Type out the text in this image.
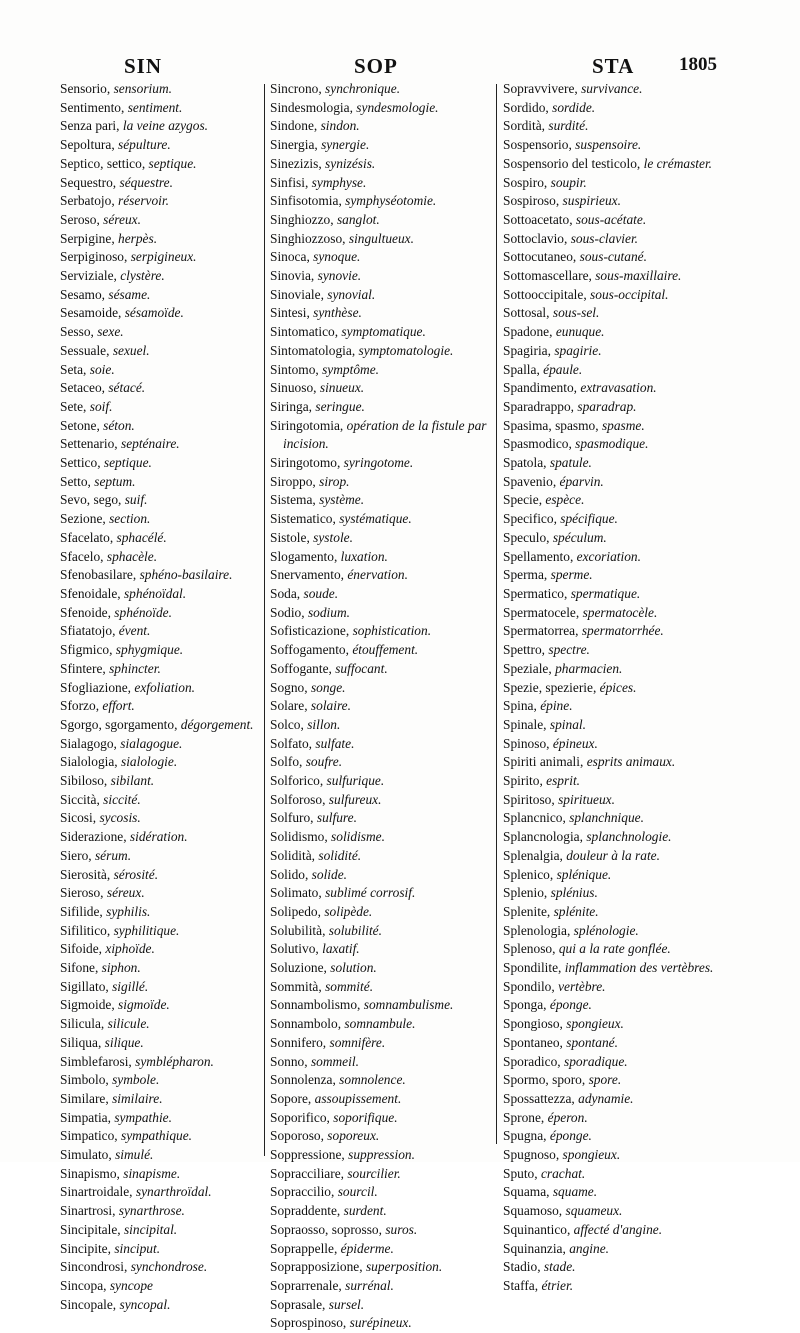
SIN	SOP	STA 1805
Sensorio, sensorium.
Sentimento, sentiment.
Senza pari, la veine azygos.
Sepoltura, sépulture.
Septico, settico, septique.
Sequestro, séquestre.
Serbatojo, réservoir.
Seroso, séreux.
Serpigine, herpès.
Serpiginoso, serpigineux.
Serviziale, clystère.
Sesamo, sésame.
Sesamoide, sésamoïde.
Sesso, sexe.
Sessuale, sexuel.
Seta, soie.
Setaceo, sétacé.
Sete, soif.
Setone, séton.
Settenario, septénaire.
Settico, septique.
Setto, septum.
Sevo, sego, suif.
Sezione, section.
Sfacelato, sphacélé.
Sfacelo, sphacèle.
Sfenobasilare, sphéno-basilaire.
Sfenoidale, sphénoïdal.
Sfenoide, sphénoïde.
Sfiatatojo, évent.
Sfigmico, sphygmique.
Sfintere, sphincter.
Sfogliazione, exfoliation.
Sforzo, effort.
Sgorgo, sgorgamento, dégorgement.
Sialagogo, sialagogue.
Sialologia, sialologie.
Sibiloso, sibilant.
Siccità, siccité.
Sicosi, sycosis.
Siderazione, sidération.
Siero, sérum.
Sierosità, sérosité.
Sieroso, séreux.
Sifilide, syphilis.
Sifilitico, syphilitique.
Sifoide, xiphoïde.
Sifone, siphon.
Sigillato, sigillé.
Sigmoide, sigmoïde.
Silicula, silicule.
Siliqua, silique.
Simblefarosi, symblépharon.
Simbolo, symbole.
Similare, similaire.
Simpatia, sympathie.
Simpatico, sympathique.
Simulato, simulé.
Sinapismo, sinapisme.
Sinartroidale, synarthroïdal.
Sinartrosi, synarthrose.
Sincipitale, sincipital.
Sincipite, sinciput.
Sincondrosi, synchondrose.
Sincopa, syncope
Sincopale, syncopal.
Sincrono, synchronique.
Sindesmologia, syndesmologie.
Sindone, sindon.
Sinergia, synergie.
Sinezizis, synizésis.
Sinfisi, symphyse.
Sinfisotomia, symphyséotomie.
Singhiozzo, sanglot.
Singhiozzoso, singultueux.
Sinoca, synoque.
Sinovia, synovie.
Sinoviale, synovial.
Sintesi, synthèse.
Sintomatico, symptomatique.
Sintomatologia, symptomatologie.
Sintomo, symptôme.
Sinuoso, sinueux.
Siringa, seringue.
Siringotomia, opération de la fistule par incision.
Siringotomo, syringotome.
Siroppo, sirop.
Sistema, système.
Sistematico, systématique.
Sistole, systole.
Slogamento, luxation.
Snervamento, énervation.
Soda, soude.
Sodio, sodium.
Sofisticazione, sophistication.
Soffogamento, étouffement.
Soffogante, suffocant.
Sogno, songe.
Solare, solaire.
Solco, sillon.
Solfato, sulfate.
Solfo, soufre.
Solforico, sulfurique.
Solforoso, sulfureux.
Solfuro, sulfure.
Solidismo, solidisme.
Solidità, solidité.
Solido, solide.
Solimato, sublimé corrosif.
Solipedo, solipède.
Solubilità, solubilité.
Solutivo, laxatif.
Soluzione, solution.
Sommità, sommité.
Sonnambolismo, somnambulisme.
Sonnambolo, somnambule.
Sonnifero, somnifère.
Sonno, sommeil.
Sonnolenza, somnolence.
Sopore, assoupissement.
Soporifico, soporifique.
Soporoso, soporeux.
Soppressione, suppression.
Sopracciliare, sourcilier.
Sopraccilio, sourcil.
Sopraddente, surdent.
Sopraosso, soprosso, suros.
Soprappelle, épiderme.
Soprapposizione, superposition.
Soprarrenale, surrénal.
Soprasale, sursel.
Soprospinoso, surépineux.
Sopravvivere, survivance.
Sordido, sordide.
Sordità, surdité.
Sospensorio, suspensoire.
Sospensorio del testicolo, le crémaster.
Sospiro, soupir.
Sospiroso, suspirieux.
Sottoacetato, sous-acétate.
Sottoclavio, sous-clavier.
Sottocutaneo, sous-cutané.
Sottomascellare, sous-maxillaire.
Sottooccipitale, sous-occipital.
Sottosal, sous-sel.
Spadone, eunuque.
Spagiria, spagirie.
Spalla, épaule.
Spandimento, extravasation.
Sparadrappo, sparadrap.
Spasima, spasmo, spasme.
Spasmodico, spasmodique.
Spatola, spatule.
Spavenio, éparvin.
Specie, espèce.
Specifico, spécifique.
Speculo, spéculum.
Spellamento, excoriation.
Sperma, sperme.
Spermatico, spermatique.
Spermatocele, spermatocèle.
Spermatorrea, spermatorrhée.
Spettro, spectre.
Speziale, pharmacien.
Spezie, spezierie, épices.
Spina, épine.
Spinale, spinal.
Spinoso, épineux.
Spiriti animali, esprits animaux.
Spirito, esprit.
Spiritoso, spiritueux.
Splancnico, splanchnique.
Splancnologia, splanchnologie.
Splenalgia, douleur à la rate.
Splenico, splénique.
Splenio, splénius.
Splenite, splénite.
Splenologia, splénologie.
Splenoso, qui a la rate gonflée.
Spondilite, inflammation des vertèbres.
Spondilo, vertèbre.
Sponga, éponge.
Spongioso, spongieux.
Spontaneo, spontané.
Sporadico, sporadique.
Spormo, sporo, spore.
Spossattezza, adynamie.
Sprone, éperon.
Spugna, éponge.
Spugnoso, spongieux.
Sputo, crachat.
Squama, squame.
Squamoso, squameux.
Squinantico, affecté d'angine.
Squinanzia, angine.
Stadio, stade.
Staffa, étrier.
